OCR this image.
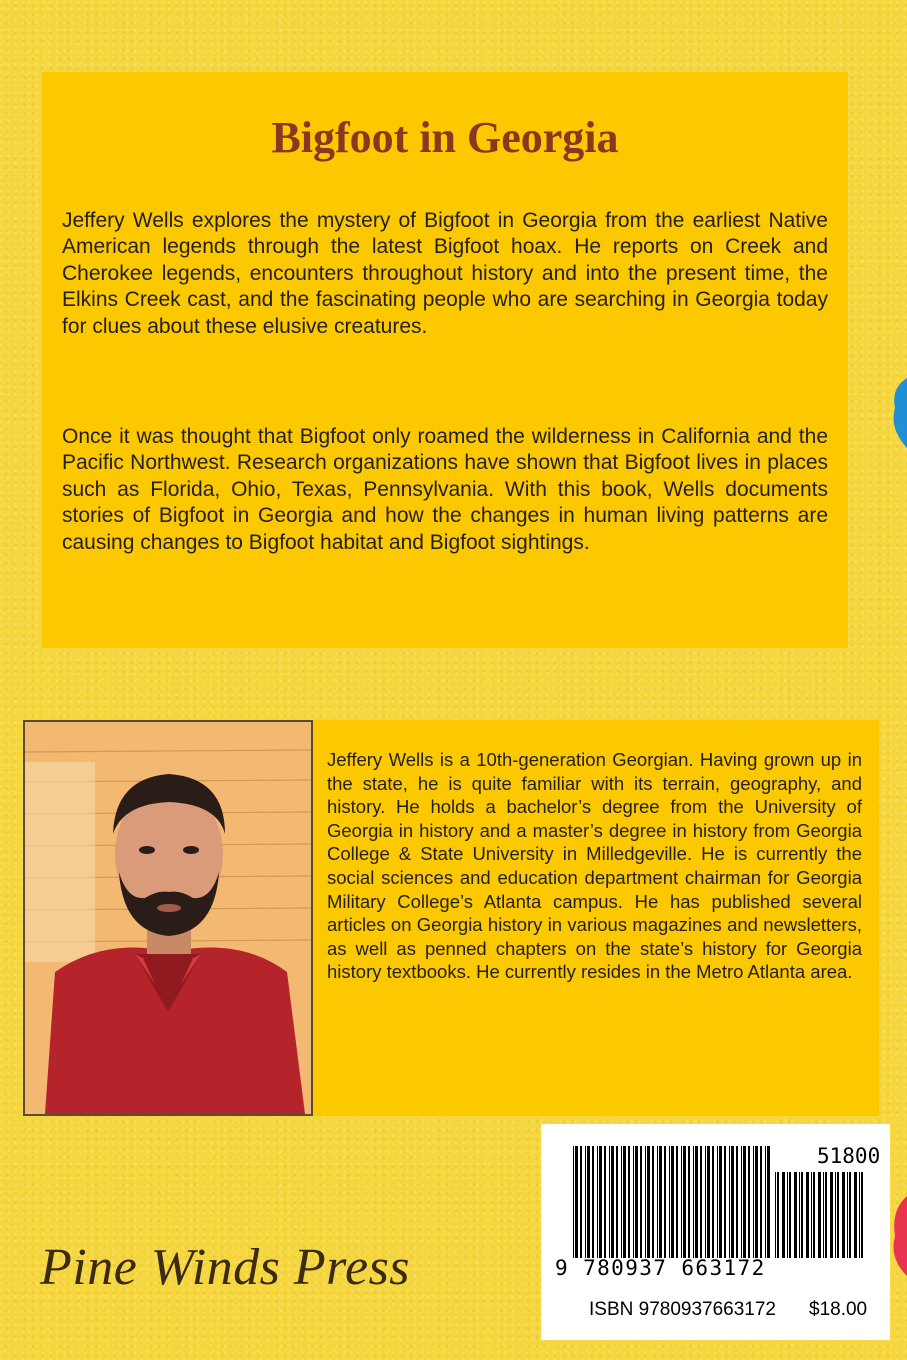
Bigfoot in Georgia

Jeffery Wells explores the mystery of Bigfoot in Georgia from the earliest Native American legends through the latest Bigfoot hoax. He reports on Creek and Cherokee legends, encounters throughout history and into the present time, the Elkins Creek cast, and the fascinating people who are searching in Georgia today for clues about these elusive creatures.

Once it was thought that Bigfoot only roamed the wilderness in California and the Pacific Northwest. Research organizations have shown that Bigfoot lives in places such as Florida, Ohio, Texas, Pennsylvania. With this book, Wells documents stories of Bigfoot in Georgia and how the changes in human living patterns are causing changes to Bigfoot habitat and Bigfoot sightings.

Jeffery Wells is a 10th-generation Georgian. Having grown up in the state, he is quite familiar with its terrain, geography, and history. He holds a bachelor’s degree from the University of Georgia in history and a master’s degree in history from Georgia College & State University in Milledgeville. He is currently the social sciences and education department chairman for Georgia Military College’s Atlanta campus. He has published several articles on Georgia history in various magazines and newsletters, as well as penned chapters on the state’s history for Georgia history textbooks. He currently resides in the Metro Atlanta area.

Pine Winds Press
51800
9 780937 663172
ISBN 9780937663172 $18.00
